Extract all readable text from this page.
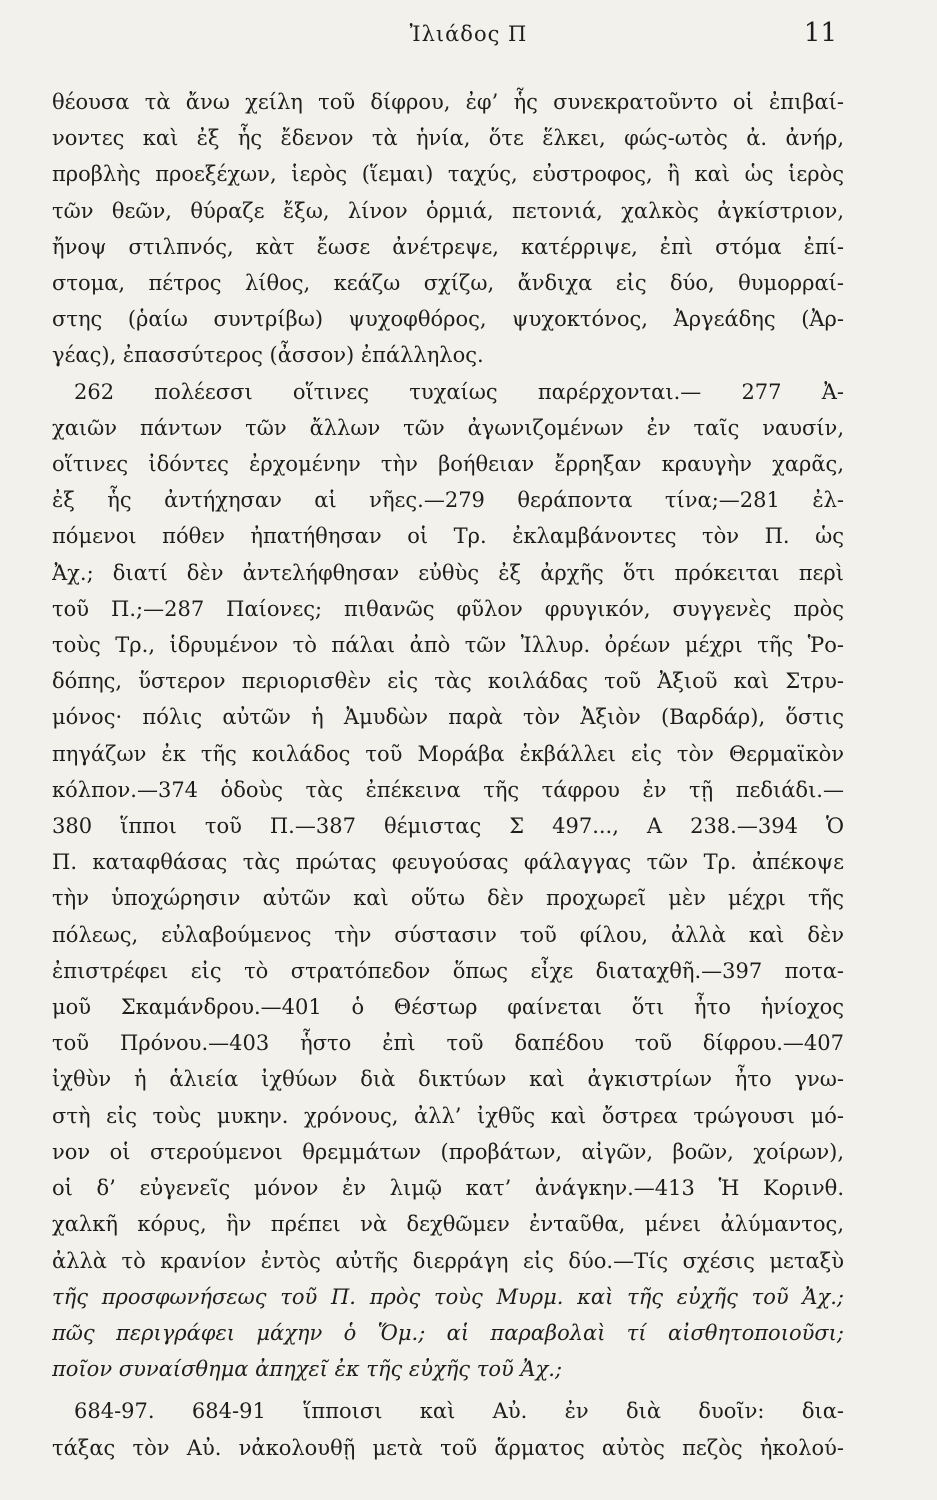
Ἰλιάδος Π	11
θέουσα τὰ ἄνω χείλη τοῦ δίφρου, ἐφ’ ἧς συνεκρατοῦντο οἱ ἐπιβαί-
νοντες καὶ ἐξ ἧς ἔδενον τὰ ἡνία, ὅτε ἕλκει, φώς-ωτὸς ἀ. ἀνήρ,
προβλὴς προεξέχων, ἱερὸς (ἵεμαι) ταχύς, εὐστροφος, ἢ καὶ ὡς ἱερὸς
τῶν θεῶν, θύραζε ἔξω, λίνον ὁρμιά, πετονιά, χαλκὸς ἀγκίστριον,
ἤνοψ στιλπνός, κὰτ ἔωσε ἀνέτρεψε, κατέρριψε, ἐπὶ στόμα ἐπί-
στομα, πέτρος λίθος, κεάζω σχίζω, ἄνδιχα εἰς δύο, θυμορραί-
στης (ῥαίω συντρίβω) ψυχοφθόρος, ψυχοκτόνος, Ἀργεάδης (Ἀρ-
γέας), ἐπασσύτερος (ἆσσον) ἐπάλληλος.
262 πολέεσσι οἵτινες τυχαίως παρέρχονται.— 277 Ἀ-
χαιῶν πάντων τῶν ἄλλων τῶν ἀγωνιζομένων ἐν ταῖς ναυσίν,
οἵτινες ἰδόντες ἐρχομένην τὴν βοήθειαν ἔρρηξαν κραυγὴν χαρᾶς,
ἐξ ἧς ἀντήχησαν αἱ νῆες.—279 θεράποντα τίνα;—281 ἐλ-
πόμενοι πόθεν ἠπατήθησαν οἱ Τρ. ἐκλαμβάνοντες τὸν Π. ὡς
Ἀχ.; διατί δὲν ἀντελήφθησαν εὐθὺς ἐξ ἀρχῆς ὅτι πρόκειται περὶ
τοῦ Π.;—287 Παίονες; πιθανῶς φῦλον φρυγικόν, συγγενὲς πρὸς
τοὺς Τρ., ἱδρυμένον τὸ πάλαι ἀπὸ τῶν Ἰλλυρ. ὀρέων μέχρι τῆς Ῥο-
δόπης, ὕστερον περιορισθὲν εἰς τὰς κοιλάδας τοῦ Ἀξιοῦ καὶ Στρυ-
μόνος· πόλις αὐτῶν ἡ Ἀμυδὼν παρὰ τὸν Ἀξιὸν (Βαρδάρ), ὅστις
πηγάζων ἐκ τῆς κοιλάδος τοῦ Μοράβα ἐκβάλλει εἰς τὸν Θερμαϊκὸν
κόλπον.—374 ὁδοὺς τὰς ἐπέκεινα τῆς τάφρου ἐν τῇ πεδιάδι.—
380 ἵπποι τοῦ Π.—387 θέμιστας Σ 497..., Α 238.—394 Ὁ
Π. καταφθάσας τὰς πρώτας φευγούσας φάλαγγας τῶν Τρ. ἀπέκοψε
τὴν ὑποχώρησιν αὐτῶν καὶ οὕτω δὲν προχωρεῖ μὲν μέχρι τῆς
πόλεως, εὐλαβούμενος τὴν σύστασιν τοῦ φίλου, ἀλλὰ καὶ δὲν
ἐπιστρέφει εἰς τὸ στρατόπεδον ὅπως εἶχε διαταχθῆ.—397 ποτα-
μοῦ Σκαμάνδρου.—401 ὁ Θέστωρ φαίνεται ὅτι ἦτο ἡνίοχος
τοῦ Πρόνου.—403 ἧστο ἐπὶ τοῦ δαπέδου τοῦ δίφρου.—407
ἰχθὺν ἡ ἁλιεία ἰχθύων διὰ δικτύων καὶ ἀγκιστρίων ἦτο γνω-
στὴ εἰς τοὺς μυκην. χρόνους, ἀλλ’ ἰχθῦς καὶ ὄστρεα τρώγουσι μό-
νον οἱ στερούμενοι θρεμμάτων (προβάτων, αἰγῶν, βοῶν, χοίρων),
οἱ δ’ εὐγενεῖς μόνον ἐν λιμῷ κατ’ ἀνάγκην.—413 Ἡ Κορινθ.
χαλκῆ κόρυς, ἣν πρέπει νὰ δεχθῶμεν ἐνταῦθα, μένει ἀλύμαντος,
ἀλλὰ τὸ κρανίον ἐντὸς αὐτῆς διερράγη εἰς δύο.—Τίς σχέσις μεταξὺ
τῆς προσφωνήσεως τοῦ Π. πρὸς τοὺς Μυρμ. καὶ τῆς εὐχῆς τοῦ Ἀχ.;
πῶς περιγράφει μάχην ὁ Ὅμ.; αἱ παραβολαὶ τί αἰσθητοποιοῦσι;
ποῖον συναίσθημα ἀπηχεῖ ἐκ τῆς εὐχῆς τοῦ Ἀχ.;
684-97. 684-91 ἵπποισι καὶ Αὐ. ἐν διὰ δυοῖν: δια-
τάξας τὸν Αὐ. νἀκολουθῇ μετὰ τοῦ ἅρματος αὐτὸς πεζὸς ἠκολού-
